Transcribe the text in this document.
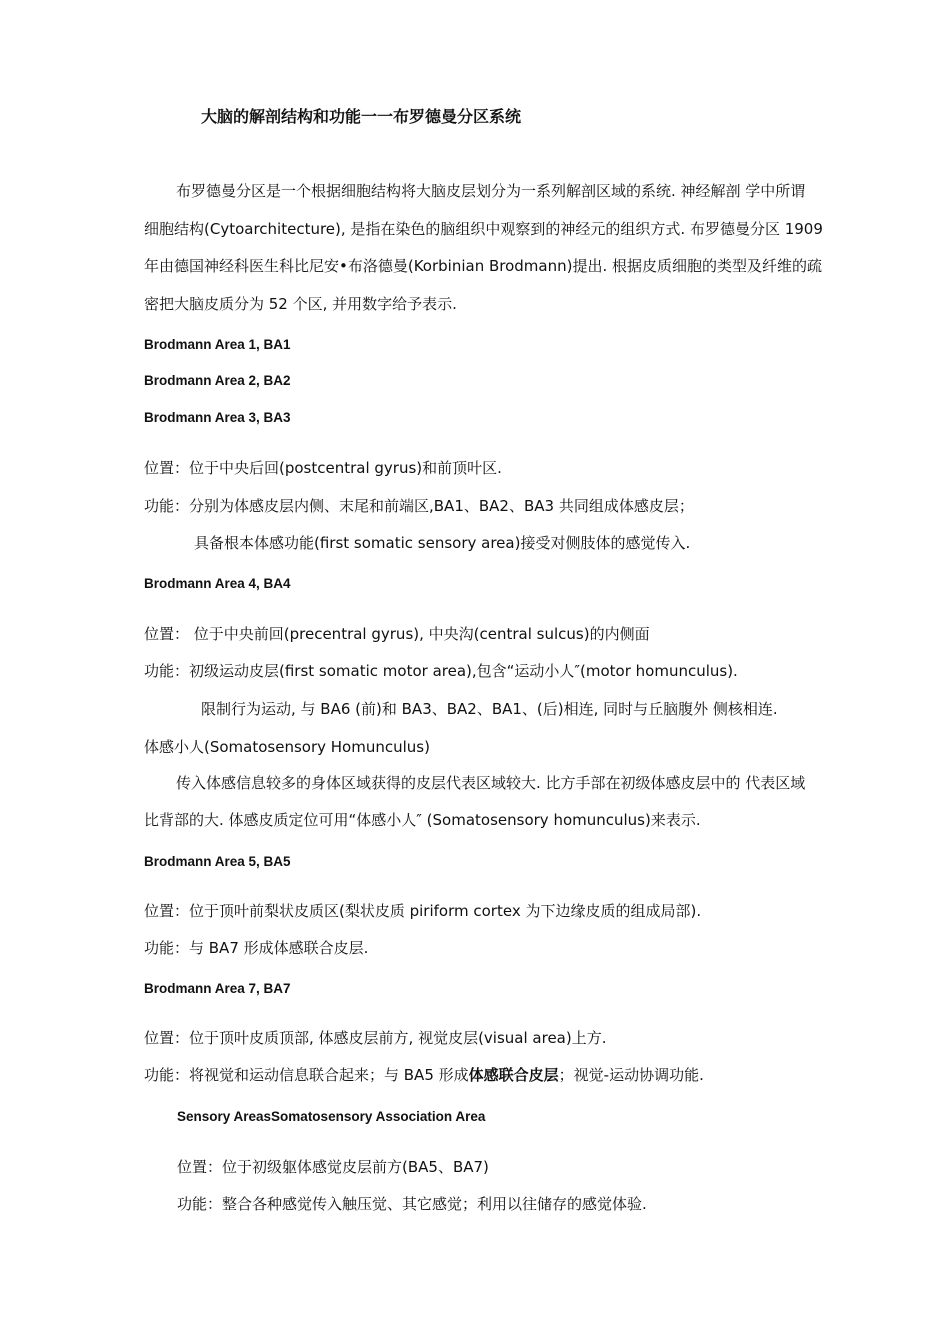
大脑的解剖结构和功能一一布罗德曼分区系统
布罗德曼分区是一个根据细胞结构将大脑皮层划分为一系列解剖区域的系统. 神经解剖 学中所谓
细胞结构(Cytoarchitecture), 是指在染色的脑组织中观察到的神经元的组织方式. 布罗德曼分区 1909
年由德国神经科医生科比尼安•布洛德曼(Korbinian Brodmann)提出. 根据皮质细胞的类型及纤维的疏
密把大脑皮质分为 52 个区, 并用数字给予表示.
Brodmann Area 1, BA1
Brodmann Area 2, BA2
Brodmann Area 3, BA3
位置：位于中央后回(postcentral gyrus)和前顶叶区.
功能：分别为体感皮层内侧、末尾和前端区,BA1、BA2、BA3 共同组成体感皮层；
具备根本体感功能(first somatic sensory area)接受对侧肢体的感觉传入.
Brodmann Area 4, BA4
位置： 位于中央前回(precentral gyrus), 中央沟(central sulcus)的内侧面
功能：初级运动皮层(first somatic motor area),包含“运动小人″(motor homunculus).
限制行为运动, 与 BA6 (前)和 BA3、BA2、BA1、(后)相连, 同时与丘脑腹外 侧核相连.
体感小人(Somatosensory Homunculus)
传入体感信息较多的身体区域获得的皮层代表区域较大. 比方手部在初级体感皮层中的 代表区域
比背部的大. 体感皮质定位可用“体感小人″ (Somatosensory homunculus)来表示.
Brodmann Area 5, BA5
位置：位于顶叶前梨状皮质区(梨状皮质 piriform cortex 为下边缘皮质的组成局部).
功能：与 BA7 形成体感联合皮层.
Brodmann Area 7, BA7
位置：位于顶叶皮质顶部, 体感皮层前方, 视觉皮层(visual area)上方.
功能：将视觉和运动信息联合起来；与 BA5 形成体感联合皮层；视觉-运动协调功能.
Sensory AreasSomatosensory Association Area
位置：位于初级躯体感觉皮层前方(BA5、BA7)
功能：整合各种感觉传入触压觉、其它感觉；利用以往储存的感觉体验.
